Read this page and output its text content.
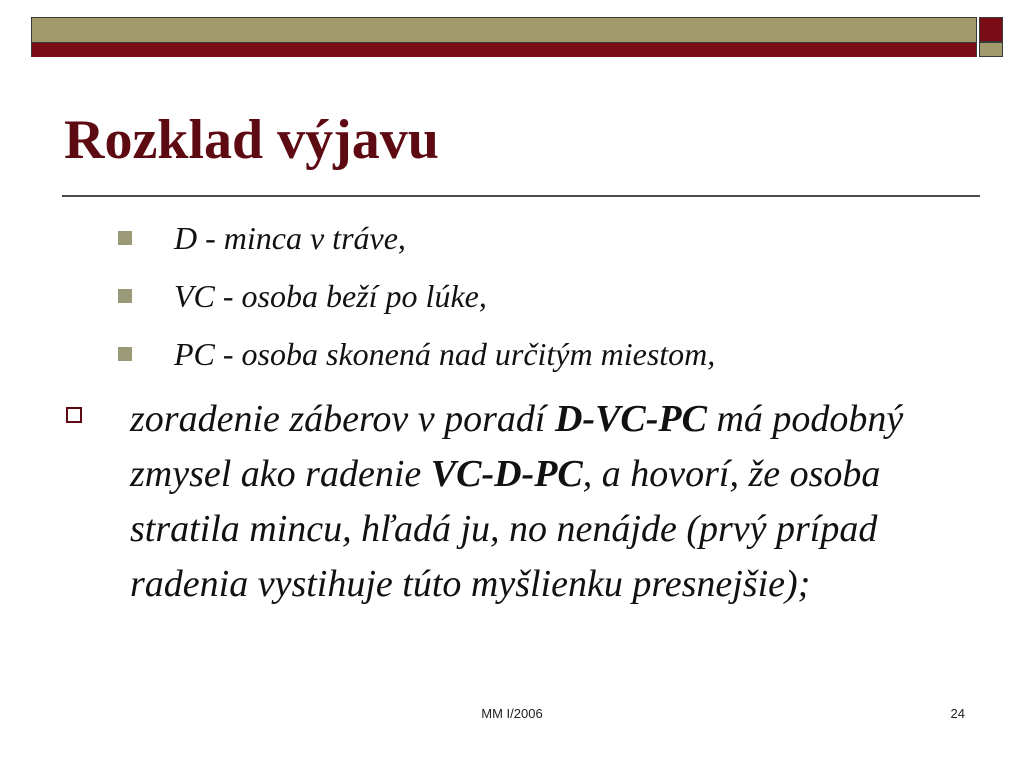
Rozklad výjavu
D - minca v tráve,
VC - osoba beží po lúke,
PC - osoba skonená nad určitým miestom,

zoradenie záberov v poradí D-VC-PC má podobný zmysel ako radenie VC-D-PC, a hovorí, že osoba stratila mincu, hľadá ju, no nenájde (prvý prípad radenia vystihuje túto myšlienku presnejšie);

MM I/2006	24
